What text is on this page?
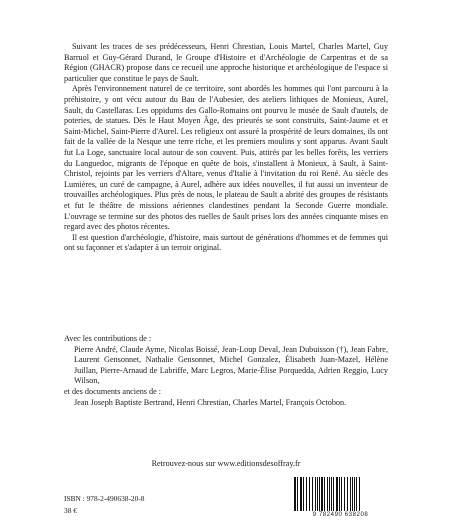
Suivant les traces de ses prédécesseurs, Henri Chrestian, Louis Martel, Charles Martel, Guy Barruol et Guy-Gérard Durand, le Groupe d'Histoire et d'Archéologie de Carpentras et de sa Région (GHACR) propose dans ce recueil une approche historique et archéologique de l'espace si particulier que constitue le pays de Sault.

Après l'environnement naturel de ce territoire, sont abordés les hommes qui l'ont parcouru à la préhistoire, y ont vécu autour du Bau de l'Aubesier, des ateliers lithiques de Monieux, Aurel, Sault, du Castellaras. Les oppidums des Gallo-Romains ont pourvu le musée de Sault d'autels, de poteries, de statues. Dès le Haut Moyen Âge, des prieurés se sont construits, Saint-Jaume et et Saint-Michel, Saint-Pierre d'Aurel. Les religieux ont assuré la prospérité de leurs domaines, ils ont fait de la vallée de la Nesque une terre riche, et les premiers moulins y sont apparus. Avant Sault fut La Loge, sanctuaire local autour de son couvent. Puis, attirés par les belles forêts, les verriers du Languedoc, migrants de l'époque en quête de bois, s'installent à Monieux, à Sault, à Saint-Christol, rejoints par les verriers d'Altare, venus d'Italie à l'invitation du roi René. Au siècle des Lumières, un curé de campagne, à Aurel, adhère aux idées nouvelles, il fut aussi un inventeur de trouvailles archéologiques. Plus près de nous, le plateau de Sault a abrité des groupes de résistants et fut le théâtre de missions aériennes clandestines pendant la Seconde Guerre mondiale. L'ouvrage se termine sur des photos des ruelles de Sault prises lors des années cinquante mises en regard avec des photos récentes.

Il est question d'archéologie, d'histoire, mais surtout de générations d'hommes et de femmes qui ont su façonner et s'adapter à un terroir original.

Avec les contributions de :

Pierre André, Claude Ayme, Nicolas Boissé, Jean-Loup Deval, Jean Dubuisson (†), Jean Fabre, Laurent Gensonnet, Nathalie Gensonnet, Michel Gonzalez, Élisabeth Juan-Mazel, Hélène Juillan, Pierre-Arnaud de Labriffe, Marc Legros, Marie-Élise Porquedda, Adrien Reggio, Lucy Wilson,

et des documents anciens de :

Jean Joseph Baptiste Bertrand, Henri Chrestian, Charles Martel, François Octobon.

Retrouvez-nous sur www.editionsdesoffray.fr
ISBN : 978-2-490638-20-8
38 €	9 782490 638208
